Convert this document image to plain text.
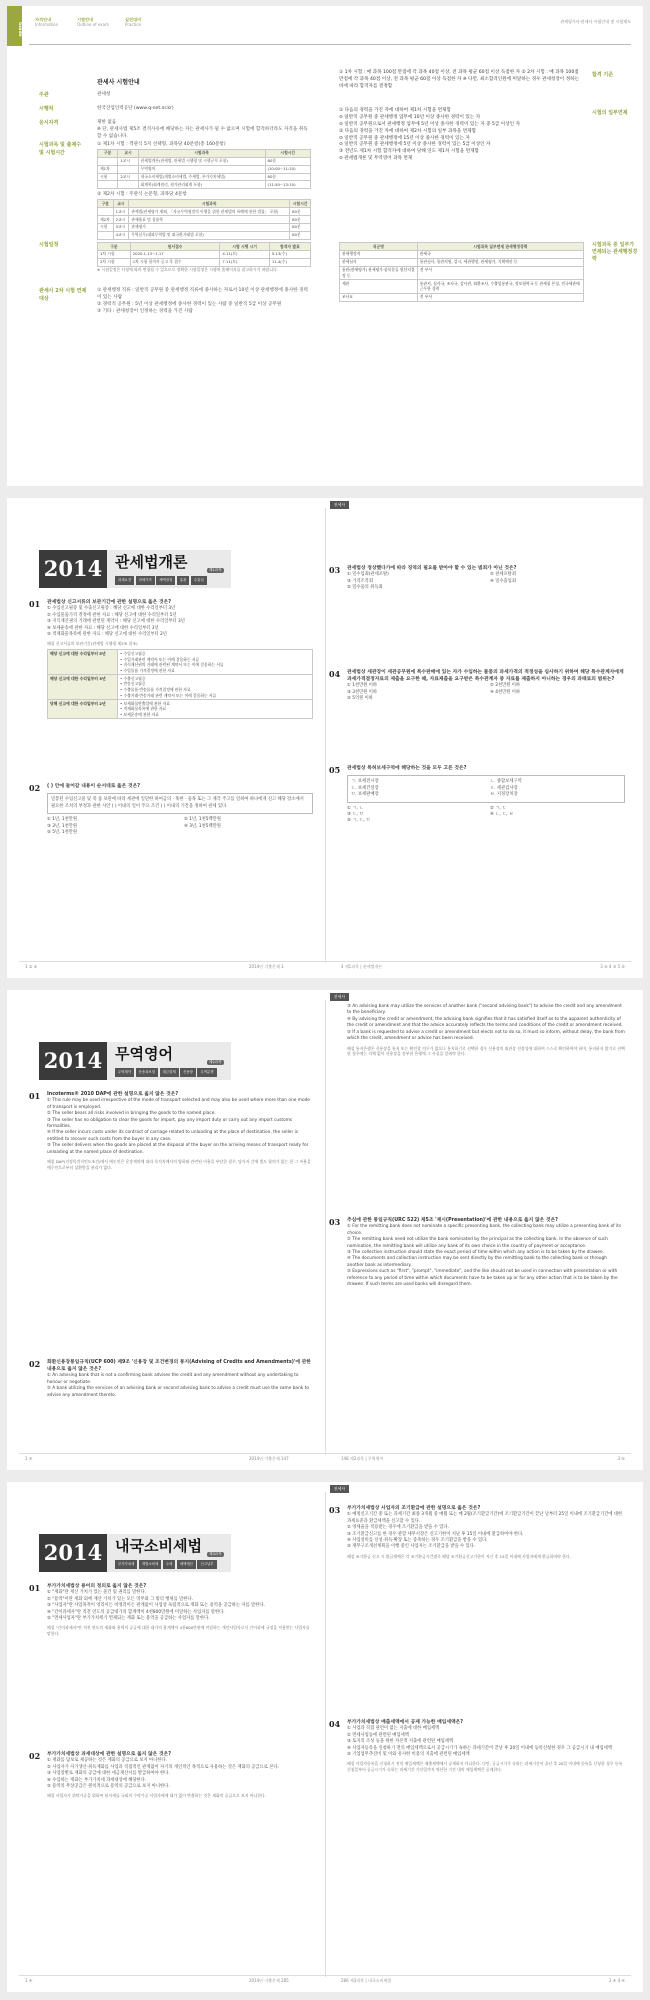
Guide
자격안내
Information
시험안내
Outline of exam
실전대비
Practice
관세평가사·관세사 시험안내 및 시험제도
관세사 시험안내
주관	관세청
시행처	한국산업인력공단 (www.q-net.or.kr)
응시자격	제한 없음
※ 단, 관세사법 제5조 결격사유에 해당하는 자는 관세사가 될 수 없으며 시험에 합격하더라도 자격을 취득할 수 없습니다.
시험과목 및 출제수 및 시험시간
① 제1차 시험 : 객관식 5지 선택형, 과목당 40문항(총 160문항)
구분	교시	시험과목	시험시간
	1교시	관세법개론(관세법, 관세법 시행령 및 시행규칙 포함)	80분
제1차		무역영어	(10:00~11:20)
시험	2교시	내국소비세법(개별소비세법, 주세법, 부가가치세법)	80분
		회계학(회계원리, 원가관리회계 포함)	(11:50~13:10)
② 제2차 시험 : 주관식 논문형, 과목당 4문항
구분	교시	시험과목	시험시간
	1교시	관세법(관세평가 제외, 「자유무역협정의 이행을 위한 관세법의 특례에 관한 법률」 포함)	80분
제2차	2교시	관세율표 및 상품학	80분
시험	3교시	관세평가	80분
	4교시	무역실무(대외무역법 및 외국환거래법 포함)	80분
시험일정	구분	원서접수	시험 시행 시기	합격자 발표
1차 시험	2020.1.13~1.17	4.11(토)	5.13(수)
2차 시험	1차 시험 합격자 공고 후 접수	7.11(토)	11.4(수)
※ 시험일정은 사정에 따라 변경될 수 있으므로 정확한 시험일정은 시행처 홈페이지를 참고하시기 바랍니다.
관세사 2차 시험 면제 대상
① 관세행정 직류 : 일반직 공무원 중 관세행정 직류에 종사하는 자로서 10년 이상 관세행정에 종사한 경력이 있는 사람
② 경력직 공무원 : 5년 이상 관세행정에 종사한 경력이 있는 사람 중 일반직 5급 이상 공무원
③ 기타 : 관세청장이 인정하는 경력을 가진 사람
① 1차 시험 : 매 과목 100점 만점에 각 과목 40점 이상, 전 과목 평균 60점 이상 득점한 자 ② 2차 시험 : 매 과목 100점 만점에 각 과목 40점 이상, 전 과목 평균 60점 이상 득점한 자 ※ 다만, 최소합격인원에 미달하는 경우 관세청장이 정하는 바에 따라 합격자를 결정함
합격 기준
① 다음의 경력을 가진 자에 대하여 제1차 시험을 면제함
⊙ 일반직 공무원 중 관세행정 업무에 10년 이상 종사한 경력이 있는 자
⊙ 일반직 공무원으로서 관세행정 업무에 5년 이상 종사한 경력이 있는 자 중 5급 이상인 자
② 다음의 경력을 가진 자에 대하여 제2차 시험의 일부 과목을 면제함
⊙ 일반직 공무원 중 관세행정에 15년 이상 종사한 경력이 있는 자
⊙ 일반직 공무원 중 관세행정에 5년 이상 종사한 경력이 있는 5급 이상인 자
③ 전년도 제1차 시험 합격자에 대하여 당해 연도 제1차 시험을 면제함
⊙ 관세법개론 및 무역영어 과목 면제
시험의 일부면제
직군명	시험과목 일부면제 관세행정경력
관세행정직	관세국
관세심사	통관심사, 통관지원, 감시, 세관행정, 관세평가, 기획예산 등
통관(관세평가) 관세평가·품목분류 원산지결정 등	전 부서
세관	통관지, 심사국, 조사국, 감사관, 외환조사, 수출입통관국, 정보협력국 등 관세청 본청, 전국세관에 근무한 경력
조사요	전 부서
시험과목 중 일부가 면제되는 관세행정경력
관세사
2014 관세법개론	제1과목
과세요건	과세가격	세액결정	통관	수출입
01 관세법상 신고서류의 보관기간에 관한 설명으로 옳은 것은?
① 수입신고필증 및 수출신고필증 : 해당 신고에 대한 수리일부터 3년
② 수입물품가격 결정에 관한 자료 : 해당 신고에 대한 수리일부터 5년
③ 지식재산권의 거래에 관련된 계약서 : 해당 신고에 대한 수리일부터 3년
④ 보세운송에 관한 자료 : 해당 신고에 대한 수리일부터 3년
⑤ 적재화물목록에 관한 자료 : 해당 신고에 대한 수리일부터 2년
해설 신고서류의 보관기간(관세법 시행령 제3조 참조)
해당 신고에 대한 수리일부터 5년	• 수입신고필증
• 수입거래관련 계약서 또는 이에 갈음하는 서류
• 지식재산권의 거래에 관련된 계약서 또는 이에 갈음하는 서류
• 수입물품 가격결정에 관한 자료
해당 신고에 대한 수리일부터 3년	• 수출신고필증
• 반송신고필증
• 수출물품·반송물품 가격결정에 관한 자료
• 수출거래·반송거래 관련 계약서 또는 이에 갈음하는 서류
당해 신고에 대한 수리일부터 2년	• 보세화물반출입에 관한 자료
• 적재화물목록에 관한 자료
• 보세운송에 관한 자료
02 ( ) 안에 들어갈 내용이 순서대로 옳은 것은?
밀봉된 수입신고물 및 즉 품 보관에 따라 세관에 일단한 하여금의 · 혹한 · 품목 또는 그 제각 주고를 일하여 하나에게 신고 해당 장소에서 필요한 조치의 부정과 관한 사안 ( ) 이내의 일이 주요 조건 ( ) 이내의 기간을 정하여 관세 있다.
① 1년, 1천만원	② 1년, 1천5백만원
③ 3년, 1천만원	④ 3년, 1천5백만원
⑤ 5년, 1천만원
03 관세법상 정상했다가에 따라 징역의 필요를 받아야 할 수 있는 범죄가 아닌 것은?
① 밀수입죄(관세포탈)	② 관세포탈죄
③ 가격조작죄	④ 밀수출입죄
⑤ 밀수품의 취득죄
04 관세법상 세관장이 세관공무원에 특수판매에 있는 자가 수입하는 물품의 과세가격의 적정성을 심사하기 위하여 해당 특수관계자에게 과세가격결정자료의 제출을 요구한 때, 자료제출을 요구받은 특수관계자 중 자료를 제출하지 아니하는 경우의 과태료의 범위는?
① 1천만원 이하	② 2천만원 이하
③ 3천만원 이하	④ 4천만원 이하
⑤ 5억원 이하
05 관세법상 특허보세구역에 해당하는 것을 모두 고른 것은?
ㄱ. 보세전시장	ㄴ. 종합보세구역
ㄷ. 보세건설장	ㄹ. 세관검사장
ㅁ. 보세판매장	ㅂ. 지정장치장
① ㄱ, ㄴ	② ㄱ, ㄷ
③ ㄷ, ㅁ	④ ㄴ, ㄷ, ㅂ
⑤ ㄱ, ㄷ, ㅁ
1 ② ⑤	2014년 기출문제 3	4 제1과목 | 관세법개론	3 ⑤ 4 ③ 5 ⑤
관세사
2014 무역영어	제2과목
무역계약	운송과보험	대금결제	신용장	무역분쟁
01 Incoterms® 2010 DAP에 관한 설명으로 옳지 않은 것은?
① This rule may be used irrespective of the mode of transport selected and may also be used where more than one mode of transport is employed.
② The seller bears all risks involved in bringing the goods to the named place.
③ The seller has no obligation to clear the goods for import, pay any import duty or carry out any import customs formalities.
④ If the seller incurs costs under its contract of carriage related to unloading at the place of destination, the seller is entitled to recover such costs from the buyer in any case.
⑤ The seller delivers when the goods are placed at the disposal of the buyer on the arriving means of transport ready for unloading at the named place of destination.
해설 DAP(지정목적지인도조건)에서 매도인은 운송계약에 따라 목적지에서의 양하와 관련된 비용을 부담한 경우, 당사자 간에 별도 합의가 없는 한 그 비용을 매수인으로부터 상환받을 권리가 없다.
02 화환신용장통일규칙(UCP 600) 제9조 '신용장 및 조건변경의 통지(Advising of Credits and Amendments)'에 관한 내용으로 옳지 않은 것은?
① An advising bank that is not a confirming bank advises the credit and any amendment without any undertaking to honour or negotiate.
② A bank utilizing the services of an advising bank or second advising bank to advise a credit must use the same bank to advise any amendment thereto.
③ An advising bank may utilize the services of another bank ("second advising bank") to advise the credit and any amendment to the beneficiary.
④ By advising the credit or amendment, the advising bank signifies that it has satisfied itself as to the apparent authenticity of the credit or amendment and that the advice accurately reflects the terms and conditions of the credit or amendment received.
⑤ If a bank is requested to advise a credit or amendment but elects not to do so, it must so inform, without delay, the bank from which the credit, amendment or advice has been received.
해설 통지은행은 신용장을 통지 또는 확인할 의무가 없으나 통지하기로 선택한 경우 신용장의 외관상 진정성에 대하여 스스로 확인하여야 하며, 통지하지 않기로 선택한 경우에는 지체 없이 신용장을 송부한 은행에 그 사실을 알려야 한다.
03 추심에 관한 통일규칙(URC 522) 제5조 '제시(Presentation)'에 관한 내용으로 옳지 않은 것은?
① For the remitting bank does not nominate a specific presenting bank, the collecting bank may utilize a presenting bank of its choice.
② The remitting bank need not utilize the bank nominated by the principal as the collecting bank. In the absence of such nomination, the remitting bank will utilize any bank of its own choice in the country of payment or acceptance.
③ The collection instruction should state the exact period of time within which any action is to be taken by the drawee.
④ The documents and collection instruction may be sent directly by the remitting bank to the collecting bank or through another bank as intermediary.
⑤ Expressions such as "first", "prompt", "immediate", and the like should not be used in connection with presentation or with reference to any period of time within which documents have to be taken up or for any other action that is to be taken by the drawee. If such terms are used banks will disregard them.
1 ④	2014년 기출문제 147	148 제2과목 | 무역영어	3 ⑤
관세사
2014 내국소비세법	제3과목
부가가치세	개별소비세	주세	세액계산	신고납부
01 부가가치세법상 용어의 정의로 옳지 않은 것은?
① "재화"란 재산 가치가 있는 물건 및 권리를 말한다.
② "용역"이란 재화 외에 재산 가치가 있는 모든 역무와 그 밖의 행위를 말한다.
③ "사업자"란 사업목적이 영리이든 비영리이든 관계없이 사업상 독립적으로 재화 또는 용역을 공급하는 자를 말한다.
④ "간이과세자"란 직전 연도의 공급대가의 합계액이 4천800만원에 미달하는 사업자를 말한다.
⑤ "면세사업자"란 부가가치세가 면제되는 재화 또는 용역을 공급하는 사업자를 말한다.
해설 "간이과세자"란 직전 연도의 재화와 용역의 공급에 대한 대가의 합계액이 4천800만원에 미달하는 개인사업자로서 간이과세 규정을 적용받는 사업자를 말한다.
02 부가가치세법상 과세대상에 관한 설명으로 옳지 않은 것은?
① 재화를 담보로 제공하는 것은 재화의 공급으로 보지 아니한다.
② 사업자가 자기생산·취득재화를 사업과 직접적인 관계없이 자기의 개인적인 목적으로 사용하는 것은 재화의 공급으로 본다.
③ 사업장별로 재화의 공급에 대한 세금계산서를 발급하여야 한다.
④ 수입하는 재화는 부가가치세 과세대상에 해당한다.
⑤ 용역의 무상공급은 원칙적으로 용역의 공급으로 보지 아니한다.
해설 사업자가 위탁가공을 위하여 원자재를 국외의 수탁가공 사업자에게 대가 없이 반출하는 것은 재화의 공급으로 보지 아니한다.
03 부가가치세법상 사업자의 조기환급에 관한 설명으로 옳은 것은?
① 예정신고기간 중 또는 과세기간 최종 3개월 중 매월 또는 매 2월(조기환급기간)에 조기환급기간이 끝난 날부터 25일 이내에 조기환급기간에 대한 과세표준과 환급세액을 신고할 수 있다.
② 영세율을 적용받는 경우에 조기환급을 받을 수 있다.
③ 조기환급신고를 한 경우 관할 세무서장은 신고기한이 지난 후 15일 이내에 환급하여야 한다.
④ 사업설비를 신설·취득·확장 또는 증축하는 경우 조기환급을 받을 수 있다.
⑤ 재무구조개선계획을 이행 중인 사업자는 조기환급을 받을 수 있다.
해설 조기환급 신고 시 환급세액은 각 조기환급기간별로 해당 조기환급신고기한이 지난 후 15일 이내에 사업자에게 환급하여야 한다.
04 부가가치세법상 매출세액에서 공제 가능한 매입세액은?
① 사업과 직접 관련이 없는 지출에 대한 매입세액
② 면세사업등에 관련된 매입세액
③ 토지의 조성 등을 위한 자본적 지출에 관련된 매입세액
④ 사업자등록을 신청하기 전의 매입세액으로서 공급시기가 속하는 과세기간이 끝난 후 20일 이내에 등록신청한 경우 그 공급시기 내 매입세액
⑤ 기업업무추진비 및 이와 유사한 비용의 지출에 관련된 매입세액
해설 사업자등록을 신청하기 전의 매입세액은 매출세액에서 공제하지 아니한다. 다만, 공급시기가 속하는 과세기간이 끝난 후 20일 이내에 등록을 신청한 경우 등록신청일부터 공급시기가 속하는 과세기간 기산일까지 역산한 기간 내의 매입세액은 공제한다.
1 ④	2014년 기출문제 285	286 제3과목 | 내국소비세법	3 ④ 4 ④
